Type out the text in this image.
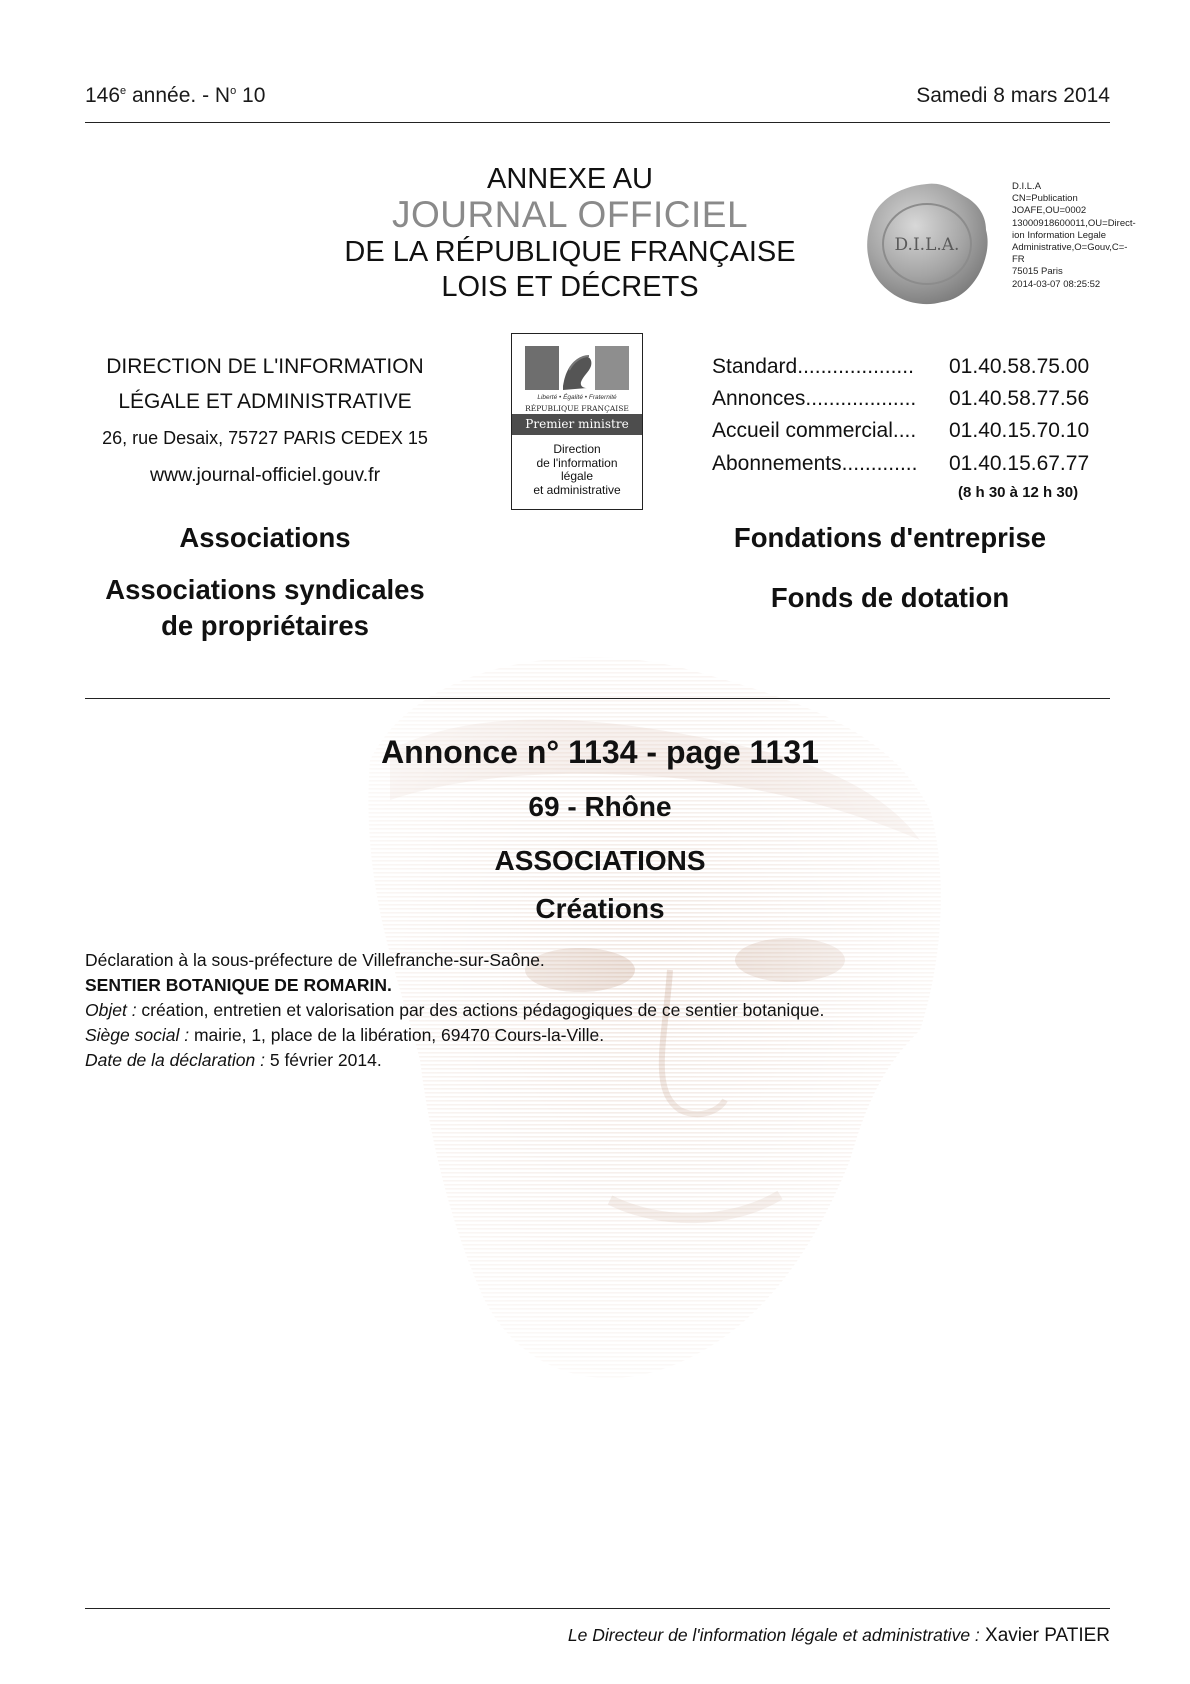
146e année. - $N^o$ 10	Samedi 8 mars 2014
ANNEXE AU
JOURNAL OFFICIEL
DE LA RÉPUBLIQUE FRANÇAISE
LOIS ET DÉCRETS
D.I.L.A.
D.I.L.A
CN=Publication
JOAFE,OU=0002
13000918600011,OU=Direct-
ion Information Legale
Administrative,O=Gouv,C=-
FR
75015 Paris
2014-03-07 08:25:52
DIRECTION DE L'INFORMATION
LÉGALE ET ADMINISTRATIVE
26, rue Desaix, 75727 PARIS CEDEX 15
www.journal-officiel.gouv.fr
Liberté • Égalité • Fraternité
RÉPUBLIQUE FRANÇAISE
Premier ministre
Direction
de l'information
légale
et administrative
Standard.................... 01.40.58.75.00
Annonces................... 01.40.58.77.56
Accueil commercial.... 01.40.15.70.10
Abonnements............. 01.40.15.67.77
(8 h 30 à 12 h 30)
Associations
Associations syndicales
de propriétaires
Fondations d'entreprise
Fonds de dotation
Annonce n° 1134 - page 1131
69 - Rhône
ASSOCIATIONS
Créations
Déclaration à la sous-préfecture de Villefranche-sur-Saône.
SENTIER BOTANIQUE DE ROMARIN.
Objet : création, entretien et valorisation par des actions pédagogiques de ce sentier botanique.
Siège social : mairie, 1, place de la libération, 69470 Cours-la-Ville.
Date de la déclaration : 5 février 2014.
Le Directeur de l'information légale et administrative : Xavier PATIER
